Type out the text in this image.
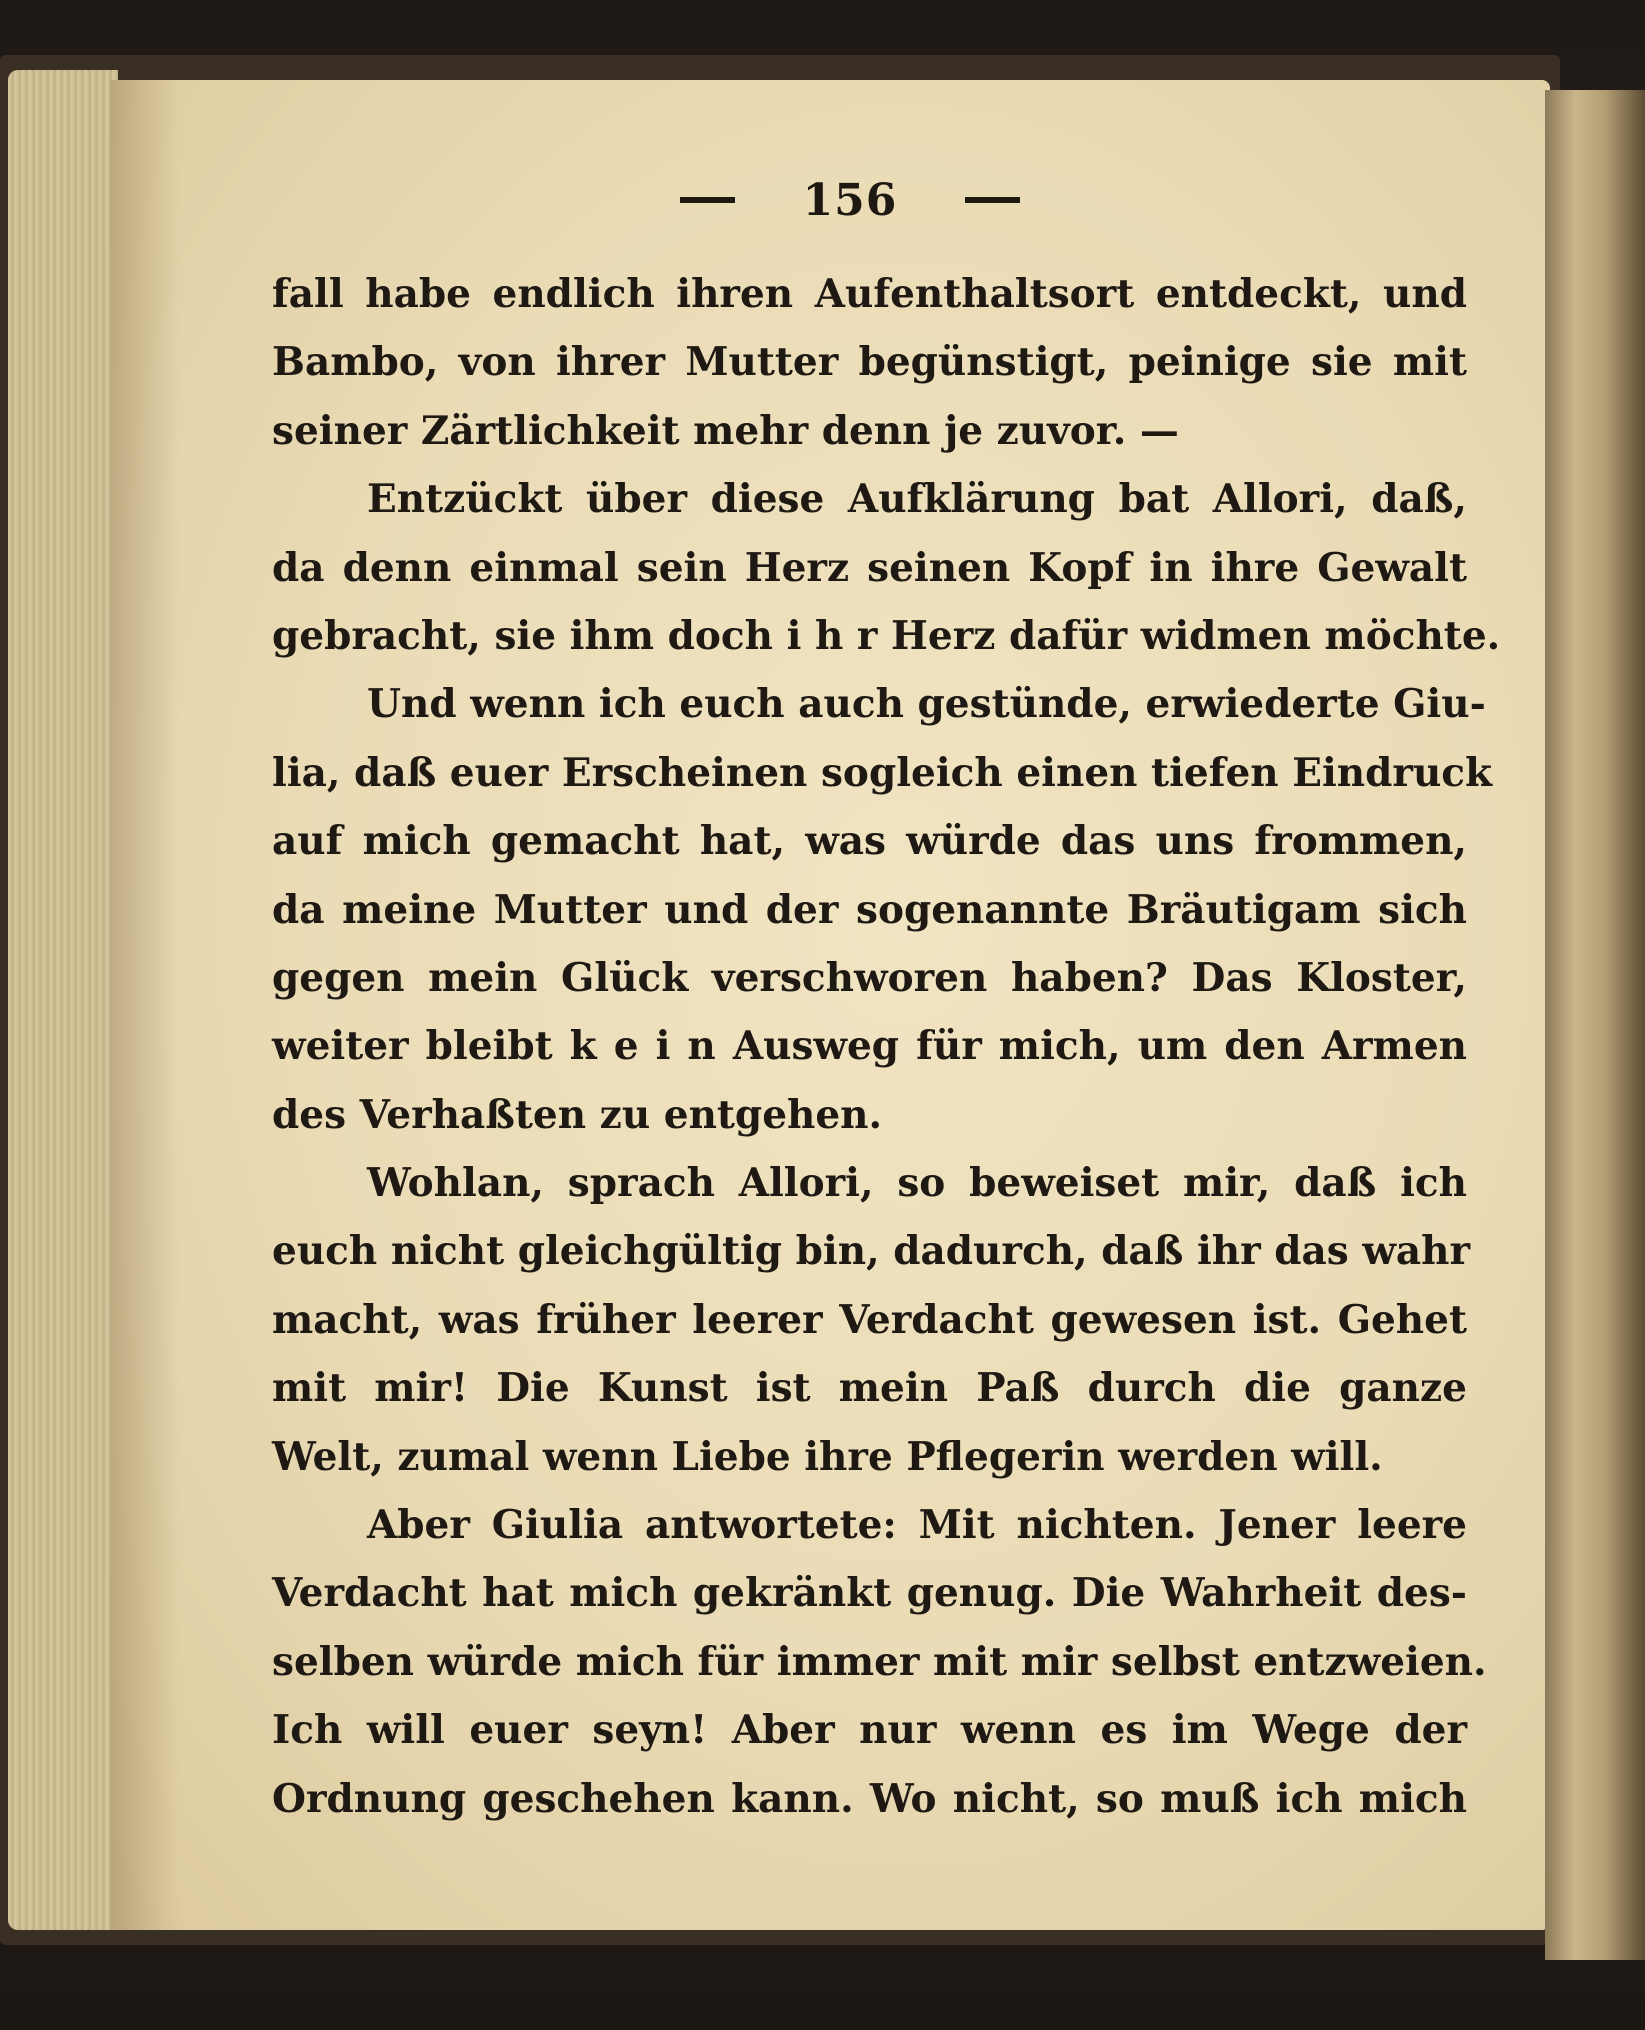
156
fall habe endlich ihren Aufenthaltsort entdeckt, und
Bambo, von ihrer Mutter begünstigt, peinige sie mit
seiner Zärtlichkeit mehr denn je zuvor. —
Entzückt über diese Aufklärung bat Allori, daß,
da denn einmal sein Herz seinen Kopf in ihre Gewalt
gebracht, sie ihm doch i h r Herz dafür widmen möchte.
Und wenn ich euch auch gestünde, erwiederte Giu-
lia, daß euer Erscheinen sogleich einen tiefen Eindruck
auf mich gemacht hat, was würde das uns frommen,
da meine Mutter und der sogenannte Bräutigam sich
gegen mein Glück verschworen haben? Das Kloster,
weiter bleibt k e i n Ausweg für mich, um den Armen
des Verhaßten zu entgehen.
Wohlan, sprach Allori, so beweiset mir, daß ich
euch nicht gleichgültig bin, dadurch, daß ihr das wahr
macht, was früher leerer Verdacht gewesen ist. Gehet
mit mir! Die Kunst ist mein Paß durch die ganze
Welt, zumal wenn Liebe ihre Pflegerin werden will.
Aber Giulia antwortete: Mit nichten. Jener leere
Verdacht hat mich gekränkt genug. Die Wahrheit des-
selben würde mich für immer mit mir selbst entzweien.
Ich will euer seyn! Aber nur wenn es im Wege der
Ordnung geschehen kann. Wo nicht, so muß ich mich
